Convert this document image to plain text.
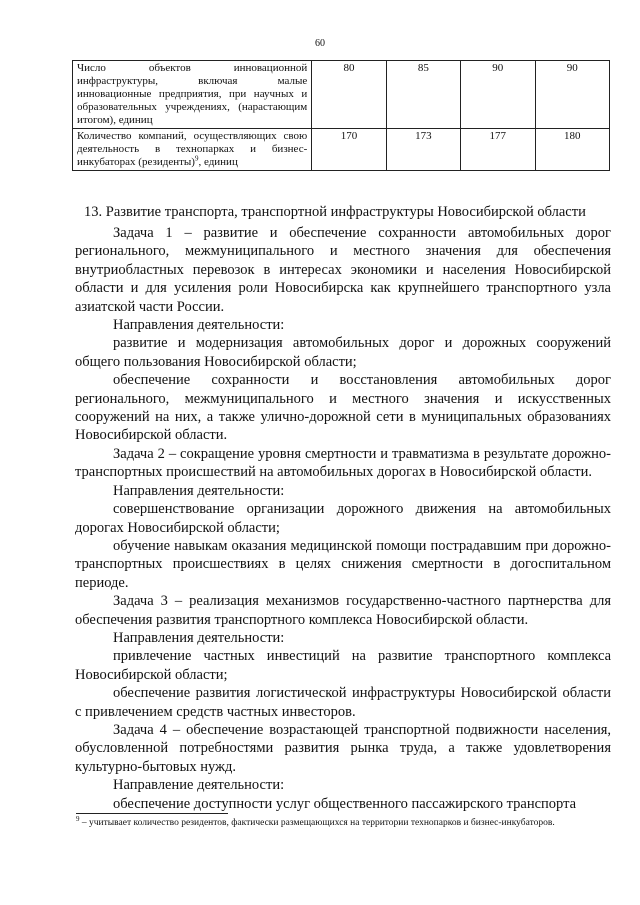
60
Число объектов инновационной инфраструктуры, включая малые инновационные предприятия, при научных и образовательных учреждениях, (нарастающим итогом), единиц	80	85	90	90
Количество компаний, осуществляющих свою деятельность в технопарках и бизнес-инкубаторах (резиденты)$^9$, единиц	170	173	177	180
13. Развитие транспорта, транспортной инфраструктуры Новосибирской области

Задача 1 – развитие и обеспечение сохранности автомобильных дорог регионального, межмуниципального и местного значения для обеспечения внутриобластных перевозок в интересах экономики и населения Новосибирской области и для усиления роли Новосибирска как крупнейшего транспортного узла азиатской части России.

Направления деятельности:

развитие и модернизация автомобильных дорог и дорожных сооружений общего пользования Новосибирской области;

обеспечение сохранности и восстановления автомобильных дорог регионального, межмуниципального и местного значения и искусственных сооружений на них, а также улично-дорожной сети в муниципальных образованиях Новосибирской области.

Задача 2 – сокращение уровня смертности и травматизма в результате дорожно-транспортных происшествий на автомобильных дорогах в Новосибирской области.

Направления деятельности:

совершенствование организации дорожного движения на автомобильных дорогах Новосибирской области;

обучение навыкам оказания медицинской помощи пострадавшим при дорожно-транспортных происшествиях в целях снижения смертности в догоспитальном периоде.

Задача 3 – реализация механизмов государственно-частного партнерства для обеспечения развития транспортного комплекса Новосибирской области.

Направления деятельности:

привлечение частных инвестиций на развитие транспортного комплекса Новосибирской области;

обеспечение развития логистической инфраструктуры Новосибирской области с привлечением средств частных инвесторов.

Задача 4 – обеспечение возрастающей транспортной подвижности населения, обусловленной потребностями развития рынка труда, а также удовлетворения культурно-бытовых нужд.

Направление деятельности:

обеспечение доступности услуг общественного пассажирского транспорта

$^9$ – учитывает количество резидентов, фактически размещающихся на территории технопарков и бизнес-инкубаторов.
